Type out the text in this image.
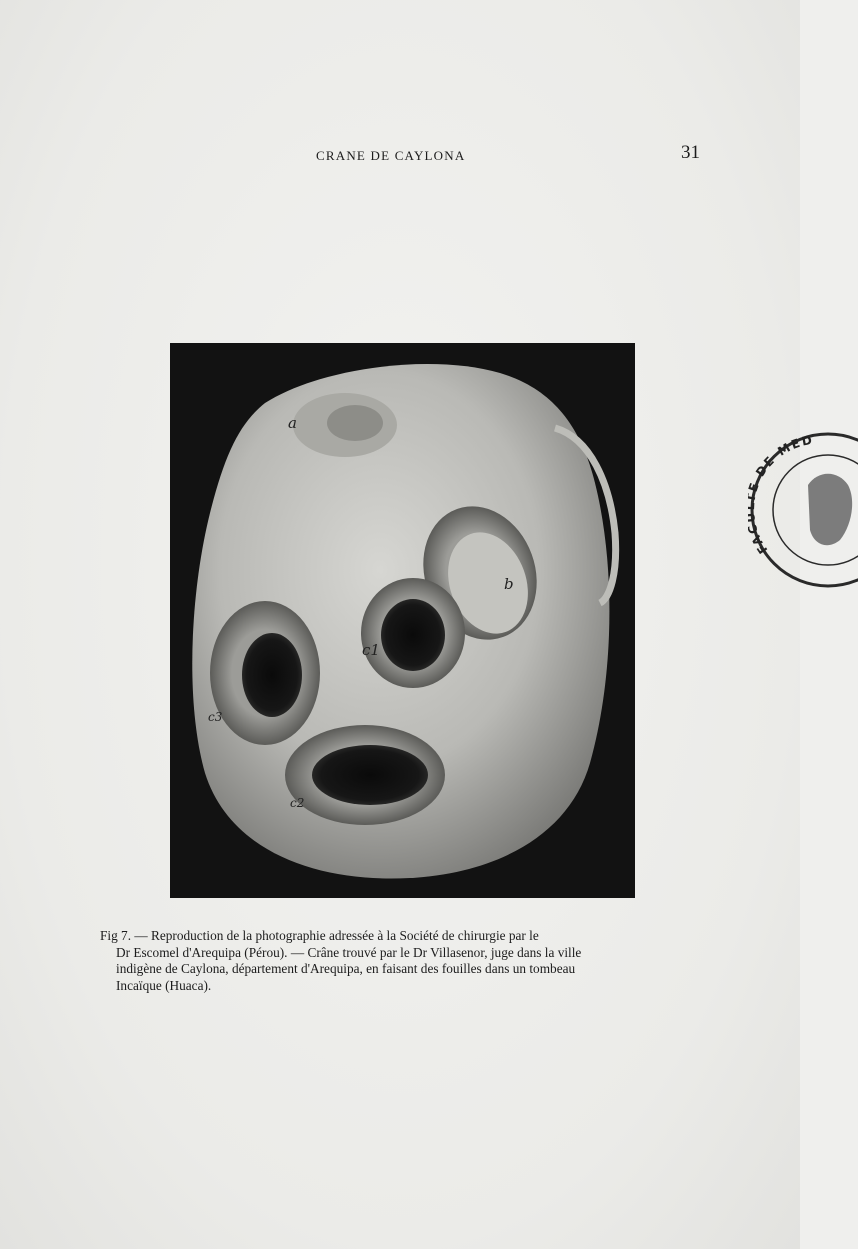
CRANE DE CAYLONA	31
a
b
c1
c3
c2
Fig 7. — Reproduction de la photographie adressée à la Société de chirurgie par le
Dr Escomel d'Arequipa (Pérou). — Crâne trouvé par le Dr Villasenor, juge dans la ville
indigène de Caylona, département d'Arequipa, en faisant des fouilles dans un tombeau
Incaïque (Huaca).
FA DE MED
